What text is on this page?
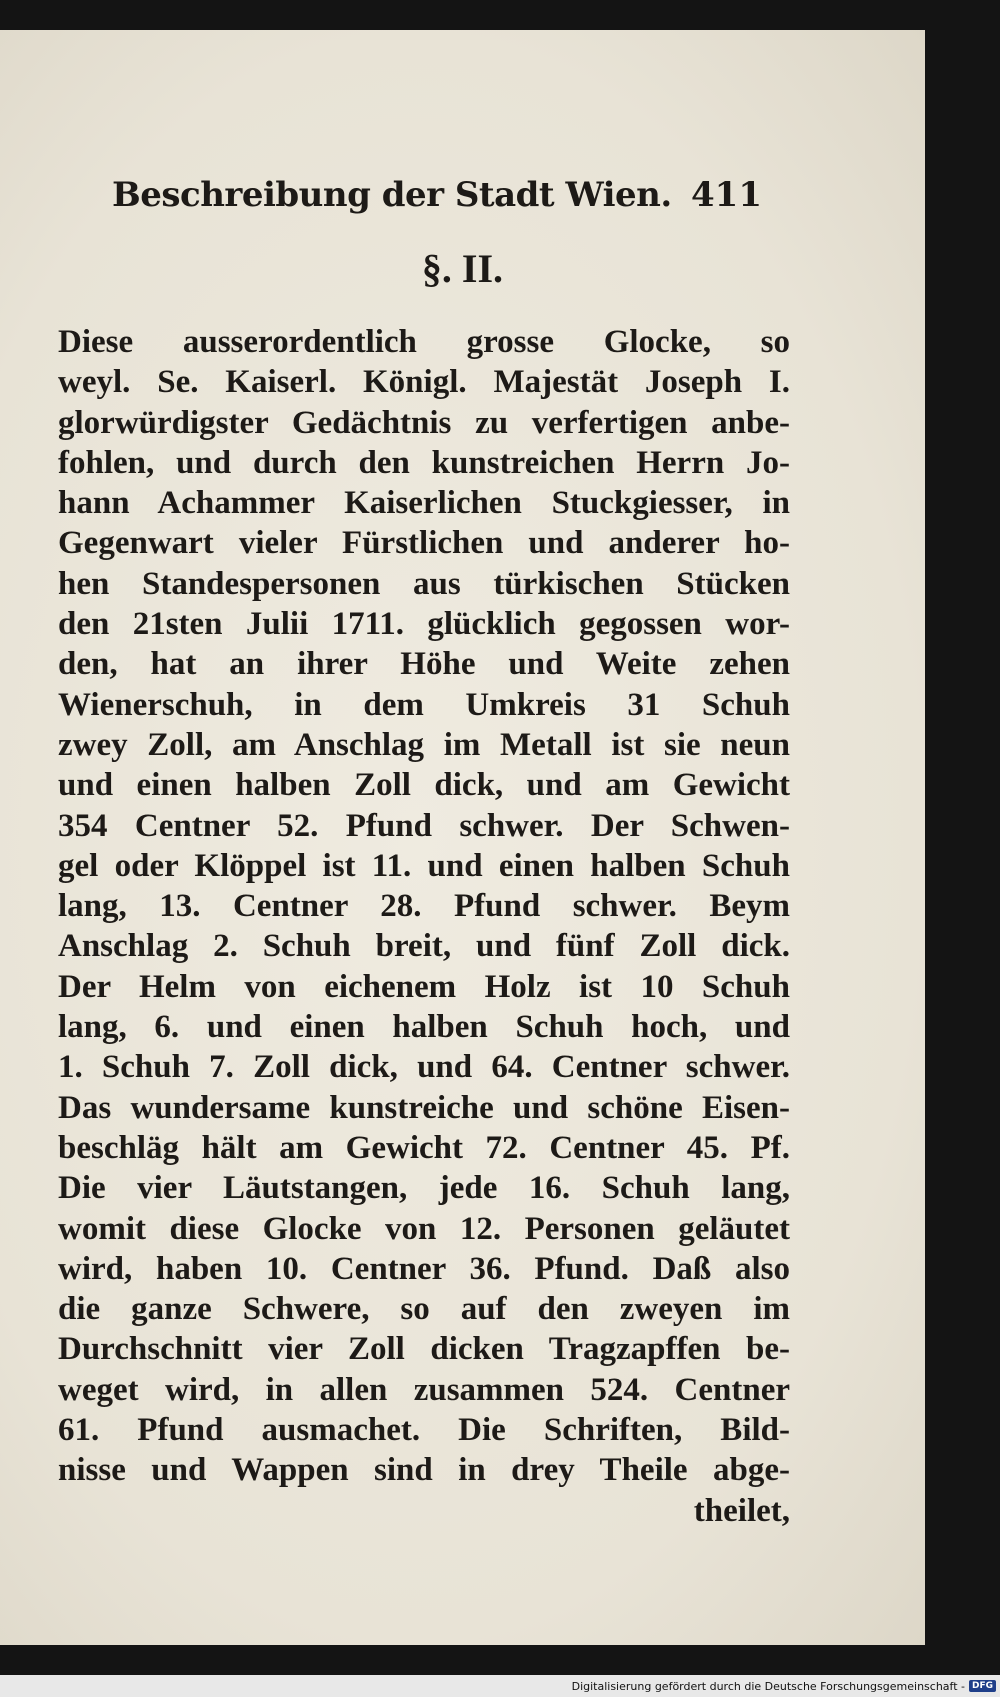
Beschreibung der Stadt Wien. 411
§. II.
Diese ausserordentlich grosse Glocke, so
weyl. Se. Kaiserl. Königl. Majestät Joseph I.
glorwürdigster Gedächtnis zu verfertigen anbe-
fohlen, und durch den kunstreichen Herrn Jo-
hann Achammer Kaiserlichen Stuckgiesser, in
Gegenwart vieler Fürstlichen und anderer ho-
hen Standespersonen aus türkischen Stücken
den 21sten Julii 1711. glücklich gegossen wor-
den, hat an ihrer Höhe und Weite zehen
Wienerschuh, in dem Umkreis 31 Schuh
zwey Zoll, am Anschlag im Metall ist sie neun
und einen halben Zoll dick, und am Gewicht
354 Centner 52. Pfund schwer. Der Schwen-
gel oder Klöppel ist 11. und einen halben Schuh
lang, 13. Centner 28. Pfund schwer. Beym
Anschlag 2. Schuh breit, und fünf Zoll dick.
Der Helm von eichenem Holz ist 10 Schuh
lang, 6. und einen halben Schuh hoch, und
1. Schuh 7. Zoll dick, und 64. Centner schwer.
Das wundersame kunstreiche und schöne Eisen-
beschläg hält am Gewicht 72. Centner 45. Pf.
Die vier Läutstangen, jede 16. Schuh lang,
womit diese Glocke von 12. Personen geläutet
wird, haben 10. Centner 36. Pfund. Daß also
die ganze Schwere, so auf den zweyen im
Durchschnitt vier Zoll dicken Tragzapffen be-
weget wird, in allen zusammen 524. Centner
61. Pfund ausmachet. Die Schriften, Bild-
nisse und Wappen sind in drey Theile abge-
theilet,
Digitalisierung gefördert durch die Deutsche Forschungsgemeinschaft - DFG
